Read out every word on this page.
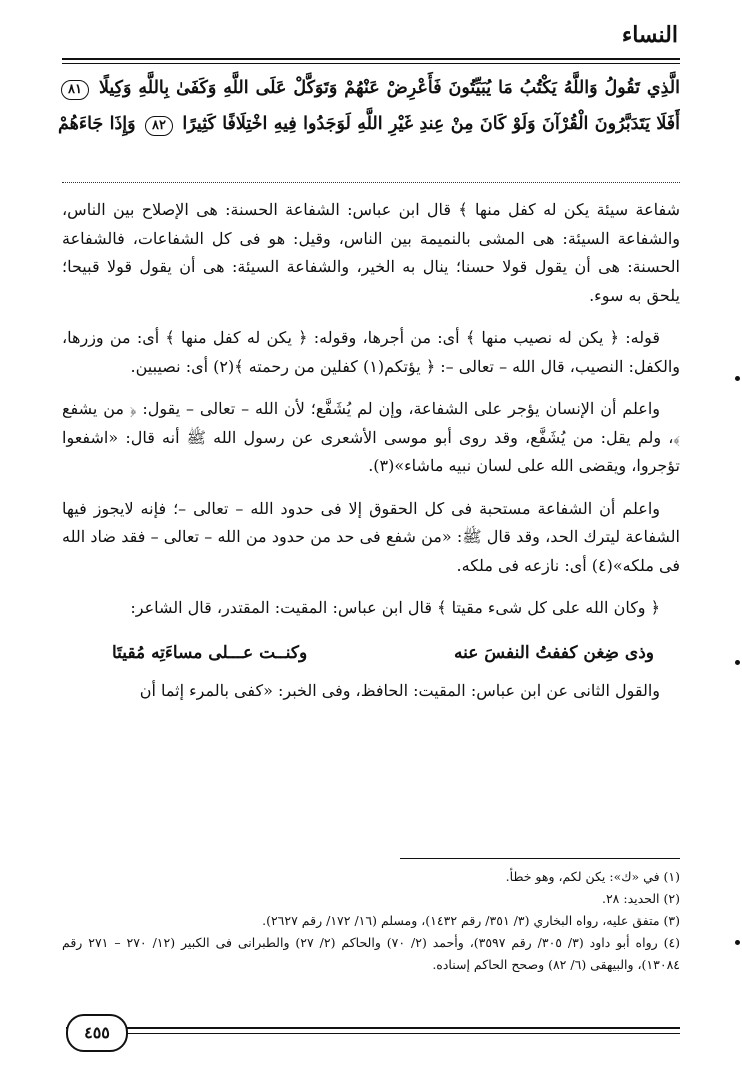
النساء
الَّذِي تَقُولُ وَاللَّهُ يَكْتُبُ مَا يُبَيِّتُونَ فَأَعْرِضْ عَنْهُمْ وَتَوَكَّلْ عَلَى اللَّهِ وَكَفَىٰ بِاللَّهِ وَكِيلًا ٨١
أَفَلَا يَتَدَبَّرُونَ الْقُرْآنَ وَلَوْ كَانَ مِنْ عِندِ غَيْرِ اللَّهِ لَوَجَدُوا فِيهِ اخْتِلَافًا كَثِيرًا ٨٢ وَإِذَا جَاءَهُمْ

شفاعة سيئة يكن له كفل منها ﴾ قال ابن عباس: الشفاعة الحسنة: هى الإصلاح بين الناس، والشفاعة السيئة: هى المشى بالنميمة بين الناس، وقيل: هو فى كل الشفاعات، فالشفاعة الحسنة: هى أن يقول قولا حسنا؛ ينال به الخير، والشفاعة السيئة: هى أن يقول قولا قبيحا؛ يلحق به سوء.

قوله: ﴿ يكن له نصيب منها ﴾ أى: من أجرها، وقوله: ﴿ يكن له كفل منها ﴾ أى: من وزرها، والكفل: النصيب، قال الله – تعالى –: ﴿ يؤتكم(١) كفلين من رحمته ﴾(٢) أى: نصيبين.

واعلم أن الإنسان يؤجر على الشفاعة، وإن لم يُشَفَّع؛ لأن الله – تعالى – يقول: ﴿ من يشفع ﴾، ولم يقل: من يُشَفَّع، وقد روى أبو موسى الأشعرى عن رسول الله ﷺ أنه قال: «اشفعوا تؤجروا، ويقضى الله على لسان نبيه ماشاء»(٣).

واعلم أن الشفاعة مستحبة فى كل الحقوق إلا فى حدود الله – تعالى –؛ فإنه لايجوز فيها الشفاعة ليترك الحد، وقد قال ﷺ: «من شفع فى حد من حدود من الله – تعالى – فقد ضاد الله فى ملكه»(٤) أى: نازعه فى ملكه.

﴿ وكان الله على كل شىء مقيتا ﴾ قال ابن عباس: المقيت: المقتدر، قال الشاعر:

وذى ضِغن كففتُ النفسَ عنه
وكنــت عـــلى مساءَتِه مُقيتَا

والقول الثانى عن ابن عباس: المقيت: الحافظ، وفى الخبر: «كفى بالمرء إثما أن

(١) في «ك»: يكن لكم، وهو خطأ.
(٢) الحديد: ٢٨.
(٣) متفق عليه، رواه البخاري (٣/ ٣٥١/ رقم ١٤٣٢)، ومسلم (١٦/ ١٧٢/ رقم ٢٦٢٧).
(٤) رواه أبو داود (٣/ ٣٠٥/ رقم ٣٥٩٧)، وأحمد (٢/ ٧٠) والحاكم (٢/ ٢٧) والطبرانى فى الكبير (١٢/ ٢٧٠ – ٢٧١ رقم ١٣٠٨٤)، والبيهقى (٦/ ٨٢) وصحح الحاكم إسناده.
٤٥٥
